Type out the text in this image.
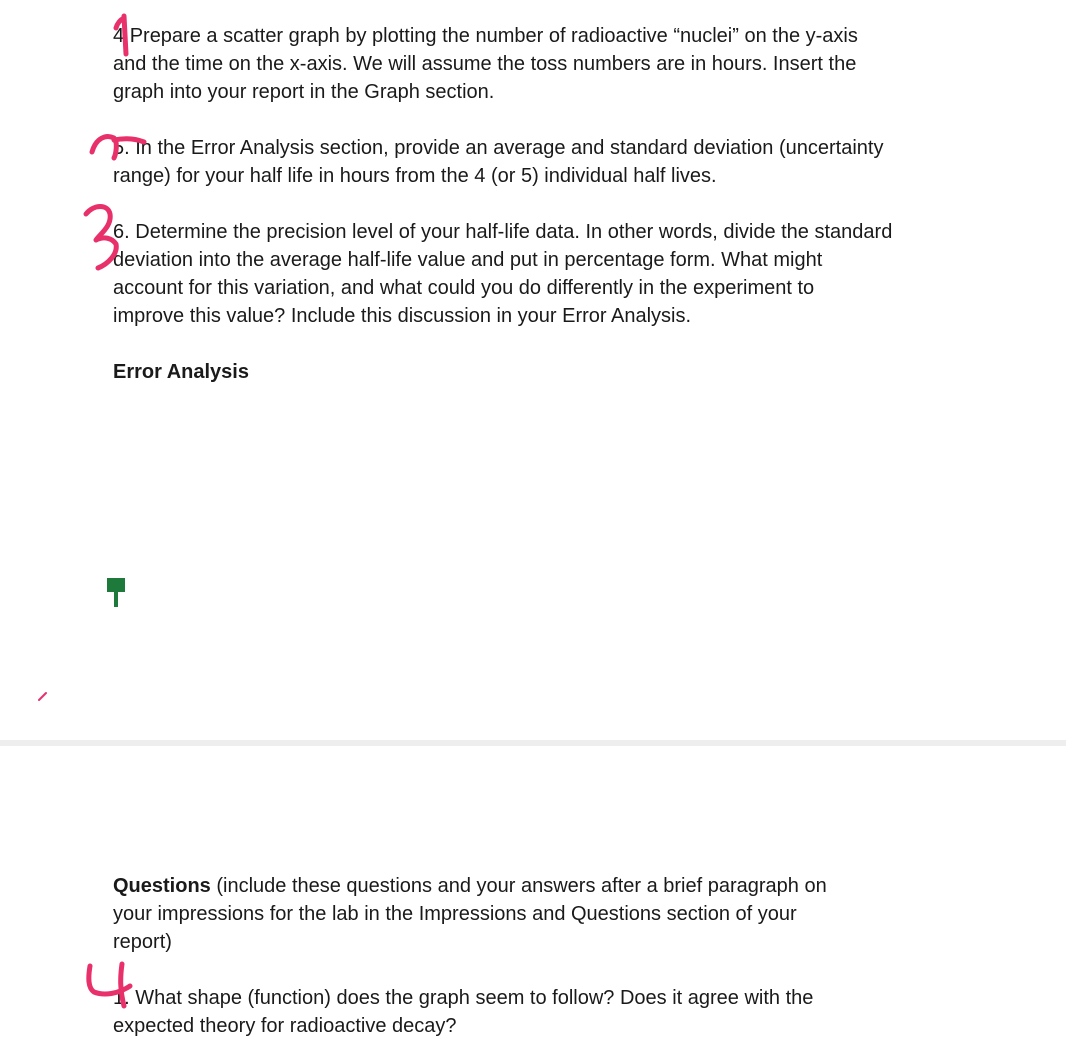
4 Prepare a scatter graph by plotting the number of radioactive “nuclei” on the y-axis
and the time on the x-axis. We will assume the toss numbers are in hours. Insert the
graph into your report in the Graph section.
5. In the Error Analysis section, provide an average and standard deviation (uncertainty
range) for your half life in hours from the 4 (or 5) individual half lives.
6. Determine the precision level of your half-life data. In other words, divide the standard
deviation into the average half-life value and put in percentage form. What might
account for this variation, and what could you do differently in the experiment to
improve this value? Include this discussion in your Error Analysis.
Error Analysis
Questions (include these questions and your answers after a brief paragraph on
your impressions for the lab in the Impressions and Questions section of your
report)
1. What shape (function) does the graph seem to follow? Does it agree with the
expected theory for radioactive decay?
